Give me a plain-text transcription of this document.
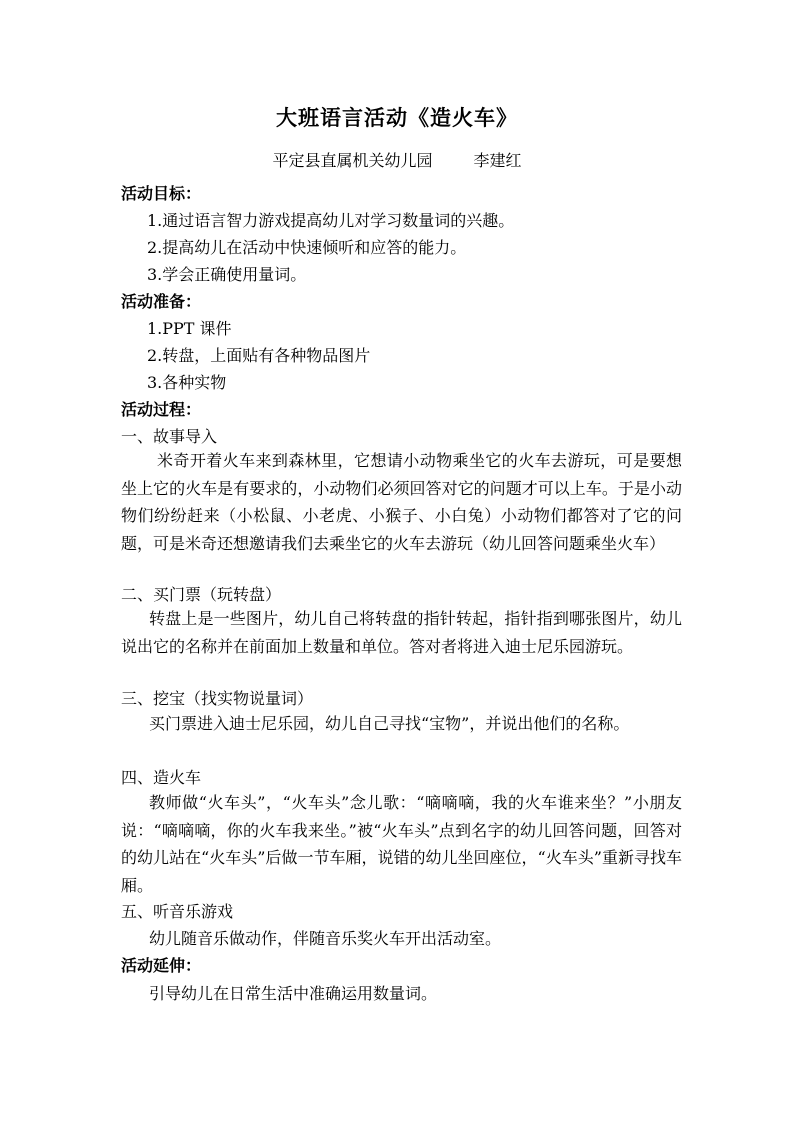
大班语言活动《造火车》
平定县直属机关幼儿园　 李建红
活动目标：
1.通过语言智力游戏提高幼儿对学习数量词的兴趣。
2.提高幼儿在活动中快速倾听和应答的能力。
3.学会正确使用量词。
活动准备：
1.PPT 课件
2.转盘，上面贴有各种物品图片
3.各种实物
活动过程：
一、故事导入
米奇开着火车来到森林里，它想请小动物乘坐它的火车去游玩，可是要想坐上它的火车是有要求的，小动物们必须回答对它的问题才可以上车。于是小动物们纷纷赶来（小松鼠、小老虎、小猴子、小白兔）小动物们都答对了它的问题，可是米奇还想邀请我们去乘坐它的火车去游玩（幼儿回答问题乘坐火车）
二、买门票（玩转盘）
转盘上是一些图片，幼儿自己将转盘的指针转起，指针指到哪张图片，幼儿说出它的名称并在前面加上数量和单位。答对者将进入迪士尼乐园游玩。
三、挖宝（找实物说量词）
买门票进入迪士尼乐园，幼儿自己寻找“宝物”，并说出他们的名称。
四、造火车
教师做“火车头”，“火车头”念儿歌：“嘀嘀嘀，我的火车谁来坐？”小朋友说：“嘀嘀嘀，你的火车我来坐。”被“火车头”点到名字的幼儿回答问题，回答对的幼儿站在“火车头”后做一节车厢，说错的幼儿坐回座位，“火车头”重新寻找车厢。
五、听音乐游戏
幼儿随音乐做动作，伴随音乐奖火车开出活动室。
活动延伸：
引导幼儿在日常生活中准确运用数量词。
